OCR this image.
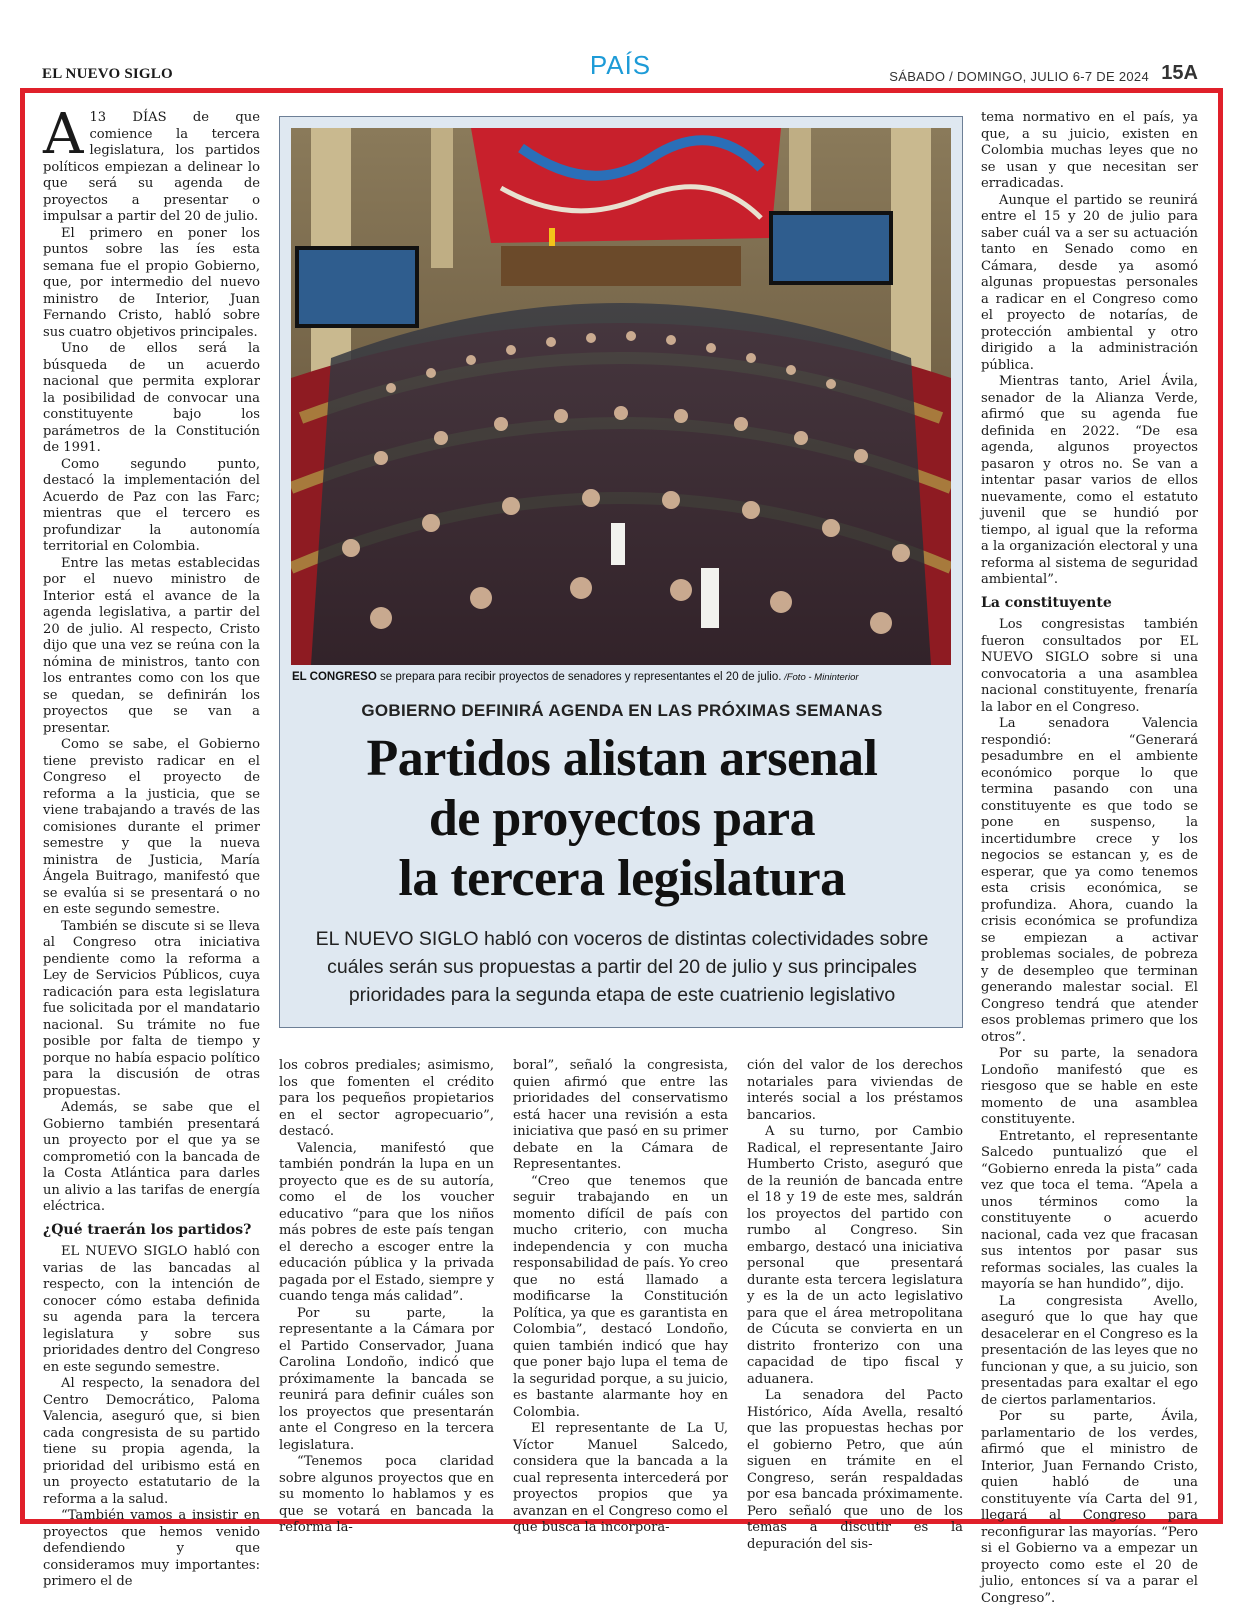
EL NUEVO SIGLO	PAÍS	SÁBADO / DOMINGO, JULIO 6-7 DE 2024 15A

A 13 DÍAS de que comience la tercera legislatura, los partidos políticos empiezan a delinear lo que será su agenda de proyectos a presentar o impulsar a partir del 20 de julio.

El primero en poner los puntos sobre las íes esta semana fue el propio Gobierno, que, por intermedio del nuevo ministro de Interior, Juan Fernando Cristo, habló sobre sus cuatro objetivos principales.

Uno de ellos será la búsqueda de un acuerdo nacional que permita explorar la posibilidad de convocar una constituyente bajo los parámetros de la Constitución de 1991.

Como segundo punto, destacó la implementación del Acuerdo de Paz con las Farc; mientras que el tercero es profundizar la autonomía territorial en Colombia.

Entre las metas establecidas por el nuevo ministro de Interior está el avance de la agenda legislativa, a partir del 20 de julio. Al respecto, Cristo dijo que una vez se reúna con la nómina de ministros, tanto con los entrantes como con los que se quedan, se definirán los proyectos que se van a presentar.

Como se sabe, el Gobierno tiene previsto radicar en el Congreso el proyecto de reforma a la justicia, que se viene trabajando a través de las comisiones durante el primer semestre y que la nueva ministra de Justicia, María Ángela Buitrago, manifestó que se evalúa si se presentará o no en este segundo semestre.

También se discute si se lleva al Congreso otra iniciativa pendiente como la reforma a Ley de Servicios Públicos, cuya radicación para esta legislatura fue solicitada por el mandatario nacional. Su trámite no fue posible por falta de tiempo y porque no había espacio político para la discusión de otras propuestas.

Además, se sabe que el Gobierno también presentará un proyecto por el que ya se comprometió con la bancada de la Costa Atlántica para darles un alivio a las tarifas de energía eléctrica.

¿Qué traerán los partidos?

EL NUEVO SIGLO habló con varias de las bancadas al respecto, con la intención de conocer cómo estaba definida su agenda para la tercera legislatura y sobre sus prioridades dentro del Congreso en este segundo semestre.

Al respecto, la senadora del Centro Democrático, Paloma Valencia, aseguró que, si bien cada congresista de su partido tiene su propia agenda, la prioridad del uribismo está en un proyecto estatutario de la reforma a la salud.

“También vamos a insistir en proyectos que hemos venido defendiendo y que consideramos muy importantes: primero el de

EL CONGRESO se prepara para recibir proyectos de senadores y representantes el 20 de julio. /Foto - Mininterior
GOBIERNO DEFINIRÁ AGENDA EN LAS PRÓXIMAS SEMANAS
Partidos alistan arsenal
de proyectos para
la tercera legislatura
EL NUEVO SIGLO habló con voceros de distintas colectividades sobre cuáles serán sus propuestas a partir del 20 de julio y sus principales prioridades para la segunda etapa de este cuatrienio legislativo

los cobros prediales; asimismo, los que fomenten el crédito para los pequeños propietarios en el sector agropecuario”, destacó.

Valencia, manifestó que también pondrán la lupa en un proyecto que es de su autoría, como el de los voucher educativo “para que los niños más pobres de este país tengan el derecho a escoger entre la educación pública y la privada pagada por el Estado, siempre y cuando tenga más calidad”.

Por su parte, la representante a la Cámara por el Partido Conservador, Juana Carolina Londoño, indicó que próximamente la bancada se reunirá para definir cuáles son los proyectos que presentarán ante el Congreso en la tercera legislatura.

“Tenemos poca claridad sobre algunos proyectos que en su momento lo hablamos y es que se votará en bancada la reforma la-

boral”, señaló la congresista, quien afirmó que entre las prioridades del conservatismo está hacer una revisión a esta iniciativa que pasó en su primer debate en la Cámara de Representantes.

“Creo que tenemos que seguir trabajando en un momento difícil de país con mucho criterio, con mucha independencia y con mucha responsabilidad de país. Yo creo que no está llamado a modificarse la Constitución Política, ya que es garantista en Colombia”, destacó Londoño, quien también indicó que hay que poner bajo lupa el tema de la seguridad porque, a su juicio, es bastante alarmante hoy en Colombia.

El representante de La U, Víctor Manuel Salcedo, considera que la bancada a la cual representa intercederá por proyectos propios que ya avanzan en el Congreso como el que busca la incorpora-

ción del valor de los derechos notariales para viviendas de interés social a los préstamos bancarios.

A su turno, por Cambio Radical, el representante Jairo Humberto Cristo, aseguró que de la reunión de bancada entre el 18 y 19 de este mes, saldrán los proyectos del partido con rumbo al Congreso. Sin embargo, destacó una iniciativa personal que presentará durante esta tercera legislatura y es la de un acto legislativo para que el área metropolitana de Cúcuta se convierta en un distrito fronterizo con una capacidad de tipo fiscal y aduanera.

La senadora del Pacto Histórico, Aída Avella, resaltó que las propuestas hechas por el gobierno Petro, que aún siguen en trámite en el Congreso, serán respaldadas por esa bancada próximamente. Pero señaló que uno de los temas a discutir es la depuración del sis-

tema normativo en el país, ya que, a su juicio, existen en Colombia muchas leyes que no se usan y que necesitan ser erradicadas.

Aunque el partido se reunirá entre el 15 y 20 de julio para saber cuál va a ser su actuación tanto en Senado como en Cámara, desde ya asomó algunas propuestas personales a radicar en el Congreso como el proyecto de notarías, de protección ambiental y otro dirigido a la administración pública.

Mientras tanto, Ariel Ávila, senador de la Alianza Verde, afirmó que su agenda fue definida en 2022. “De esa agenda, algunos proyectos pasaron y otros no. Se van a intentar pasar varios de ellos nuevamente, como el estatuto juvenil que se hundió por tiempo, al igual que la reforma a la organización electoral y una reforma al sistema de seguridad ambiental”.

La constituyente

Los congresistas también fueron consultados por EL NUEVO SIGLO sobre si una convocatoria a una asamblea nacional constituyente, frenaría la labor en el Congreso.

La senadora Valencia respondió: “Generará pesadumbre en el ambiente económico porque lo que termina pasando con una constituyente es que todo se pone en suspenso, la incertidumbre crece y los negocios se estancan y, es de esperar, que ya como tenemos esta crisis económica, se profundiza. Ahora, cuando la crisis económica se profundiza se empiezan a activar problemas sociales, de pobreza y de desempleo que terminan generando malestar social. El Congreso tendrá que atender esos problemas primero que los otros”.

Por su parte, la senadora Londoño manifestó que es riesgoso que se hable en este momento de una asamblea constituyente.

Entretanto, el representante Salcedo puntualizó que el “Gobierno enreda la pista” cada vez que toca el tema. “Apela a unos términos como la constituyente o acuerdo nacional, cada vez que fracasan sus intentos por pasar sus reformas sociales, las cuales la mayoría se han hundido”, dijo.

La congresista Avello, aseguró que lo que hay que desacelerar en el Congreso es la presentación de las leyes que no funcionan y que, a su juicio, son presentadas para exaltar el ego de ciertos parlamentarios.

Por su parte, Ávila, parlamentario de los verdes, afirmó que el ministro de Interior, Juan Fernando Cristo, quien habló de una constituyente vía Carta del 91, llegará al Congreso para reconfigurar las mayorías. “Pero si el Gobierno va a empezar un proyecto como este el 20 de julio, entonces sí va a parar el Congreso”.
